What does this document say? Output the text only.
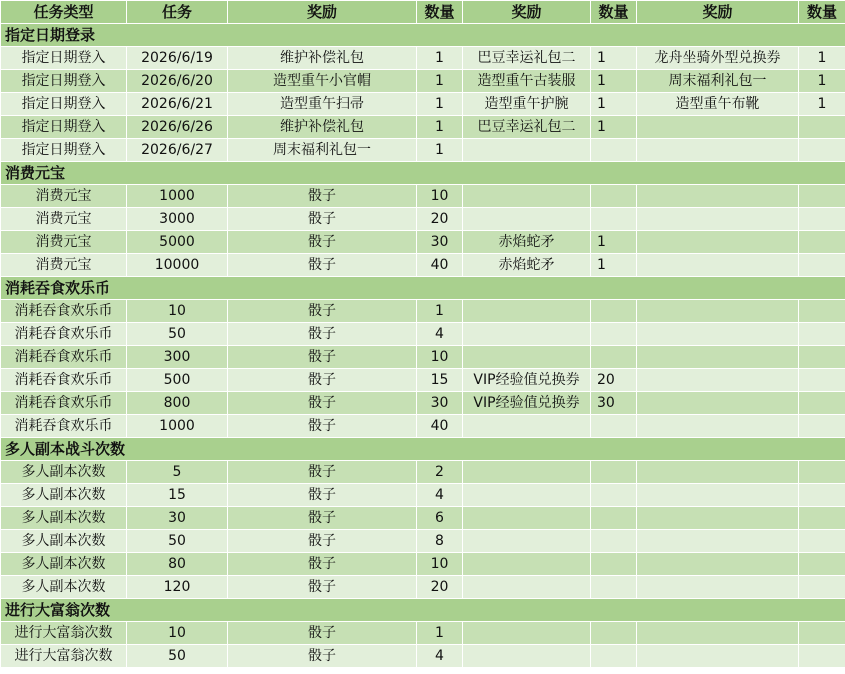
任务类型	任务	奖励	数量	奖励	数量	奖励	数量
指定日期登录							
指定日期登入	2026/6/19	维护补偿礼包	1	巴豆幸运礼包二	1	龙舟坐骑外型兑换券	1
指定日期登入	2026/6/20	造型重午小官帽	1	造型重午古装服	1	周末福利礼包一	1
指定日期登入	2026/6/21	造型重午扫帚	1	造型重午护腕	1	造型重午布靴	1
指定日期登入	2026/6/26	维护补偿礼包	1	巴豆幸运礼包二	1		
指定日期登入	2026/6/27	周末福利礼包一	1				
消费元宝							
消费元宝	1000	骰子	10				
消费元宝	3000	骰子	20				
消费元宝	5000	骰子	30	赤焰蛇矛	1		
消费元宝	10000	骰子	40	赤焰蛇矛	1		
消耗吞食欢乐币							
消耗吞食欢乐币	10	骰子	1				
消耗吞食欢乐币	50	骰子	4				
消耗吞食欢乐币	300	骰子	10				
消耗吞食欢乐币	500	骰子	15	VIP经验值兑换券	20		
消耗吞食欢乐币	800	骰子	30	VIP经验值兑换券	30		
消耗吞食欢乐币	1000	骰子	40				
多人副本战斗次数							
多人副本次数	5	骰子	2				
多人副本次数	15	骰子	4				
多人副本次数	30	骰子	6				
多人副本次数	50	骰子	8				
多人副本次数	80	骰子	10				
多人副本次数	120	骰子	20				
进行大富翁次数							
进行大富翁次数	10	骰子	1				
进行大富翁次数	50	骰子	4				
